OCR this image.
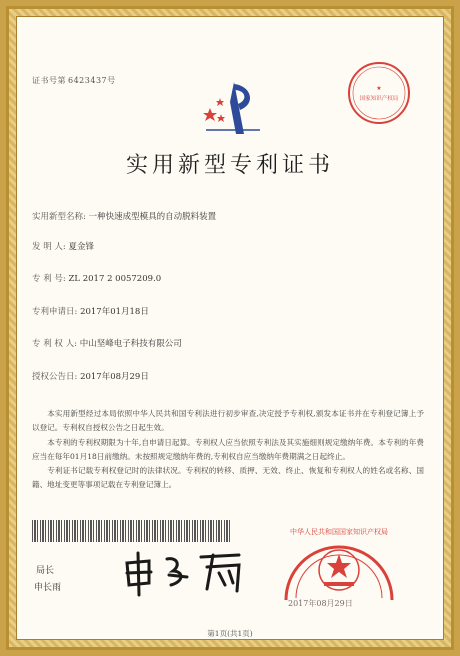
证书号第 6423437号
★
国家知识产权局
实用新型专利证书
实用新型名称: 一种快速成型模具的自动脱料装置
发 明 人: 夏金锋
专 利 号: ZL 2017 2 0057209.0
专利申请日: 2017年01月18日
专 利 权 人: 中山坚峰电子科技有限公司
授权公告日: 2017年08月29日

本实用新型经过本局依照中华人民共和国专利法进行初步审查,决定授予专利权,颁发本证书并在专利登记簿上予以登记。专利权自授权公告之日起生效。

本专利的专利权期限为十年,自申请日起算。专利权人应当依照专利法及其实施细则规定缴纳年费。本专利的年费应当在每年01月18日前缴纳。未按照规定缴纳年费的,专利权自应当缴纳年费期满之日起终止。

专利证书记载专利权登记时的法律状况。专利权的转移、质押、无效、终止、恢复和专利权人的姓名或名称、国籍、地址变更等事项记载在专利登记簿上。

局长
申长雨
中华人民共和国国家知识产权局
2017年08月29日
第1页(共1页)
